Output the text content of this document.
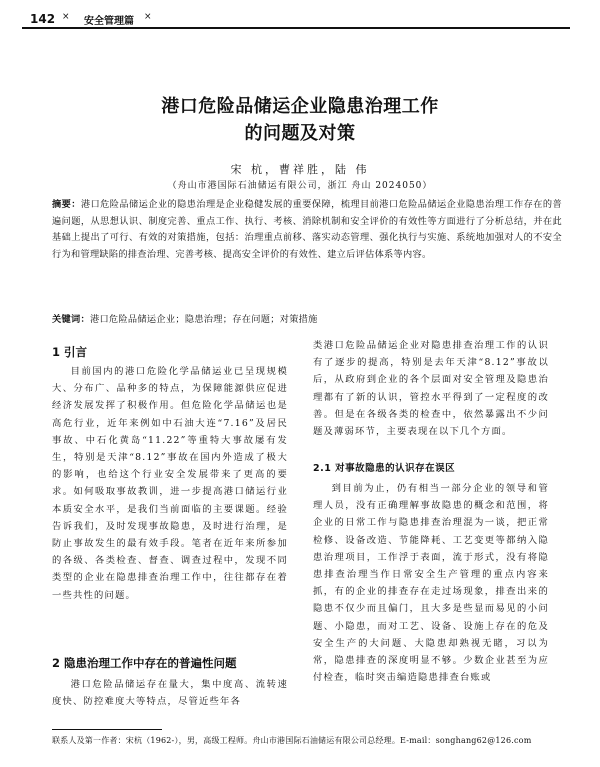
142 × 安全管理篇 ×
港口危险品储运企业隐患治理工作
的问题及对策
宋 杭，曹祥胜，陆 伟
（舟山市港国际石油储运有限公司，浙江 舟山 2024050）
摘要：港口危险品储运企业的隐患治理是企业稳健发展的重要保障，梳理目前港口危险品储运企业隐患治理工作存在的普遍问题，从思想认识、制度完善、重点工作、执行、考核、消除机制和安全评价的有效性等方面进行了分析总结，并在此基础上提出了可行、有效的对策措施，包括：治理重点前移、落实动态管理、强化执行与实施、系统地加强对人的不安全行为和管理缺陷的排查治理、完善考核、提高安全评价的有效性、建立后评估体系等内容。
关键词：港口危险品储运企业；隐患治理；存在问题；对策措施
1 引言

目前国内的港口危险化学品储运业已呈现规模大、分布广、品种多的特点，为保障能源供应促进经济发展发挥了积极作用。但危险化学品储运也是高危行业，近年来例如中石油大连“7.16”及居民事故、中石化黄岛“11.22”等重特大事故屡有发生，特别是天津“8.12”事故在国内外造成了极大的影响，也给这个行业安全发展带来了更高的要求。如何吸取事故教训，进一步提高港口储运行业本质安全水平，是我们当前面临的主要课题。经验告诉我们，及时发现事故隐患，及时进行治理，是防止事故发生的最有效手段。笔者在近年来所参加的各级、各类检查、督查、调查过程中，发现不同类型的企业在隐患排查治理工作中，往往都存在着一些共性的问题。

2 隐患治理工作中存在的普遍性问题

港口危险品储运存在量大，集中度高、流转速度快、防控难度大等特点，尽管近些年各

类港口危险品储运企业对隐患排查治理工作的认识有了逐步的提高，特别是去年天津“8.12”事故以后，从政府到企业的各个层面对安全管理及隐患治理都有了新的认识，管控水平得到了一定程度的改善。但是在各级各类的检查中，依然暴露出不少问题及薄弱环节，主要表现在以下几个方面。

2.1 对事故隐患的认识存在误区

到目前为止，仍有相当一部分企业的领导和管理人员，没有正确理解事故隐患的概念和范围，将企业的日常工作与隐患排查治理混为一谈，把正常检修、设备改造、节能降耗、工艺变更等都纳入隐患治理项目，工作浮于表面，流于形式，没有将隐患排查治理当作日常安全生产管理的重点内容来抓，有的企业的排查存在走过场现象，排查出来的隐患不仅少而且偏门，且大多是些显而易见的小问题、小隐患，而对工艺、设备、设施上存在的危及安全生产的大问题、大隐患却熟视无睹，习以为常，隐患排查的深度明显不够。少数企业甚至为应付检查，临时突击编造隐患排查台账或

联系人及第一作者：宋杭（1962-），男，高级工程师。舟山市港国际石油储运有限公司总经理。E-mail：songhang62@126.com
